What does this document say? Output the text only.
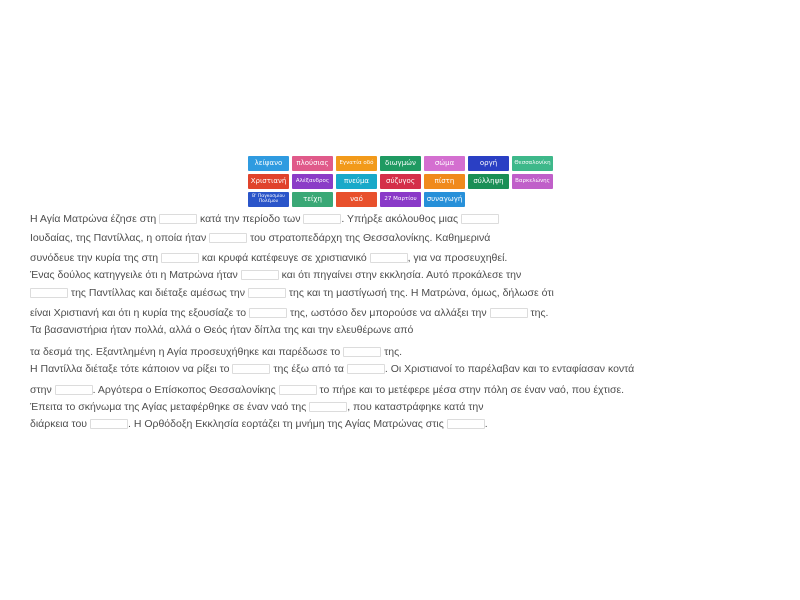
λείψανο	πλούσιας	Εγνατία οδό	διωγμών	σώμα	οργή	Θεσσαλονίκη
Χριστιανή	Αλέξανδρος	πνεύμα	σύζυγος	πίστη	σύλληψη	Βαρκελώνης
Β' Παγκοσμίου Πολέμου	τείχη	ναό	27 Μαρτίου	συναγωγή
Η Αγία Ματρώνα έζησε στη	κατά την περίοδο των	. Υπήρξε ακόλουθος μιας
Ιουδαίας, της Παντίλλας, η οποία ήταν	του στρατοπεδάρχη της Θεσσαλονίκης. Καθημερινά
συνόδευε την κυρία της στη	και κρυφά κατέφευγε σε χριστιανικό	, για να προσευχηθεί.
Ένας δούλος κατηγγειλε ότι η Ματρώνα ήταν	και ότι πηγαίνει στην εκκλησία. Αυτό προκάλεσε την
της Παντίλλας και διέταξε αμέσως την	της και τη μαστίγωσή της. Η Ματρώνα, όμως, δήλωσε ότι
είναι Χριστιανή και ότι η κυρία της εξουσίαζε το	της, ωστόσο δεν μπορούσε να αλλάξει την	της.
Τα βασανιστήρια ήταν πολλά, αλλά ο Θεός ήταν δίπλα της και την ελευθέρωνε από
τα δεσμά της. Εξαντλημένη η Αγία προσευχήθηκε και παρέδωσε το	της.
Η Παντίλλα διέταξε τότε κάποιον να ρίξει το	της έξω από τα	. Οι Χριστιανοί το παρέλαβαν και το ενταφίασαν κοντά
στην	. Αργότερα ο Επίσκοπος Θεσσαλονίκης	το πήρε και το μετέφερε μέσα στην πόλη σε έναν ναό, που έχτισε.
Έπειτα το σκήνωμα της Αγίας μεταφέρθηκε σε έναν ναό της	, που καταστράφηκε κατά την
διάρκεια του	. Η Ορθόδοξη Εκκλησία εορτάζει τη μνήμη της Αγίας Ματρώνας στις	.
